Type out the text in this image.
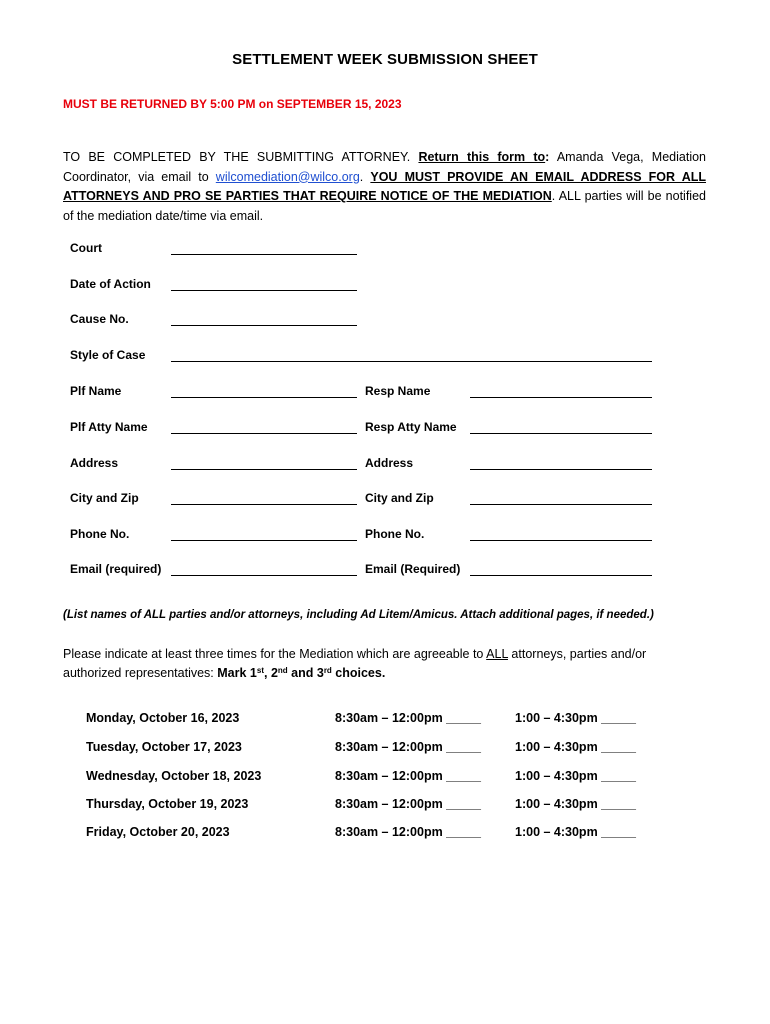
SETTLEMENT WEEK SUBMISSION SHEET
MUST BE RETURNED BY 5:00 PM on SEPTEMBER 15, 2023
TO BE COMPLETED BY THE SUBMITTING ATTORNEY. Return this form to: Amanda Vega, Mediation Coordinator, via email to wilcomediation@wilco.org. YOU MUST PROVIDE AN EMAIL ADDRESS FOR ALL ATTORNEYS AND PRO SE PARTIES THAT REQUIRE NOTICE OF THE MEDIATION. ALL parties will be notified of the mediation date/time via email.
Court
Date of Action
Cause No.
Style of Case
Plf Name	Resp Name
Plf Atty Name	Resp Atty Name
Address	Address
City and Zip	City and Zip
Phone No.	Phone No.
Email (required)	Email (Required)
(List names of ALL parties and/or attorneys, including Ad Litem/Amicus. Attach additional pages, if needed.)
Please indicate at least three times for the Mediation which are agreeable to ALL attorneys, parties and/or authorized representatives: Mark 1st, 2nd and 3rd choices.
Monday, October 16, 2023	8:30am – 12:00pm _____	1:00 – 4:30pm _____
Tuesday, October 17, 2023	8:30am – 12:00pm _____	1:00 – 4:30pm _____
Wednesday, October 18, 2023	8:30am – 12:00pm _____	1:00 – 4:30pm _____
Thursday, October 19, 2023	8:30am – 12:00pm _____	1:00 – 4:30pm _____
Friday, October 20, 2023	8:30am – 12:00pm _____	1:00 – 4:30pm _____
